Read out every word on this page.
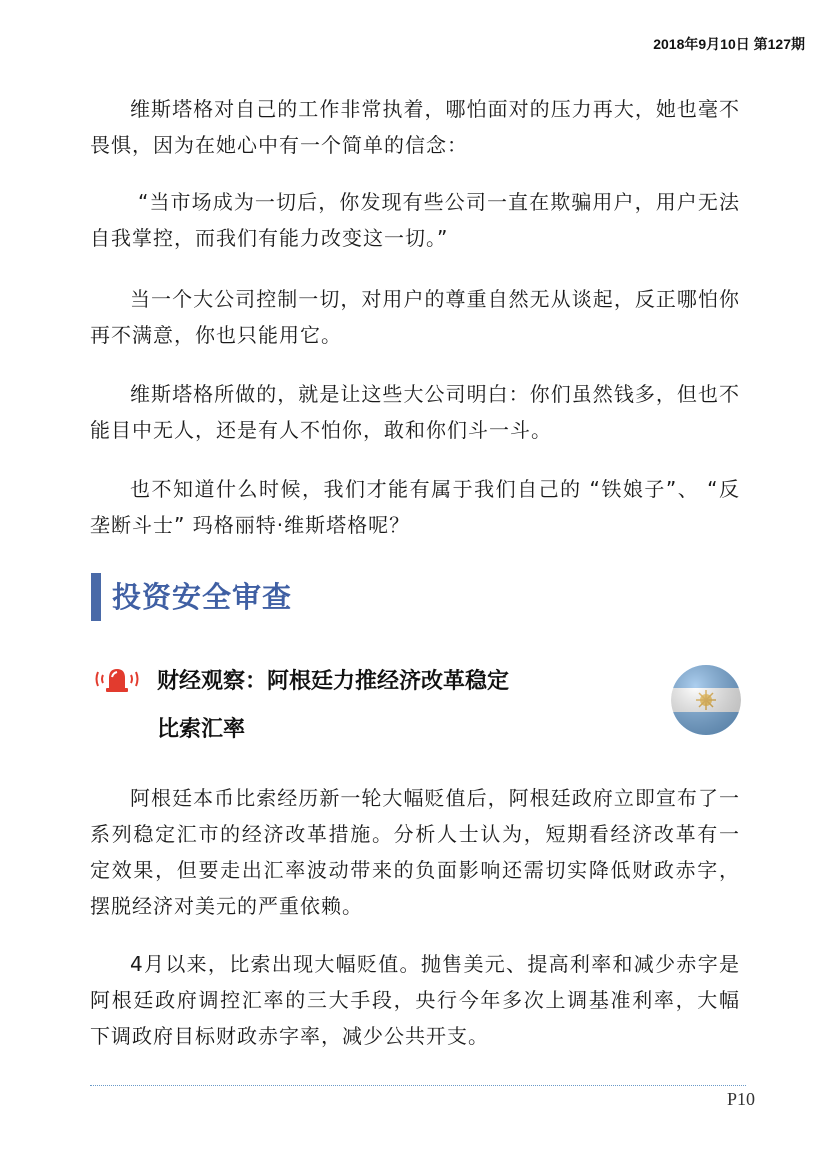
2018年9月10日 第127期

维斯塔格对自己的工作非常执着，哪怕面对的压力再大，她也毫不畏惧，因为在她心中有一个简单的信念：

“当市场成为一切后，你发现有些公司一直在欺骗用户，用户无法自我掌控，而我们有能力改变这一切。”

当一个大公司控制一切，对用户的尊重自然无从谈起，反正哪怕你再不满意，你也只能用它。

维斯塔格所做的，就是让这些大公司明白：你们虽然钱多，但也不能目中无人，还是有人不怕你，敢和你们斗一斗。

也不知道什么时候，我们才能有属于我们自己的 “铁娘子”、 “反垄断斗士” 玛格丽特·维斯塔格呢？

投资安全审查
财经观察：阿根廷力推经济改革稳定
比索汇率

阿根廷本币比索经历新一轮大幅贬值后，阿根廷政府立即宣布了一系列稳定汇市的经济改革措施。分析人士认为，短期看经济改革有一定效果，但要走出汇率波动带来的负面影响还需切实降低财政赤字，摆脱经济对美元的严重依赖。

4月以来，比索出现大幅贬值。抛售美元、提高利率和减少赤字是阿根廷政府调控汇率的三大手段，央行今年多次上调基准利率，大幅下调政府目标财政赤字率，减少公共开支。

P10
